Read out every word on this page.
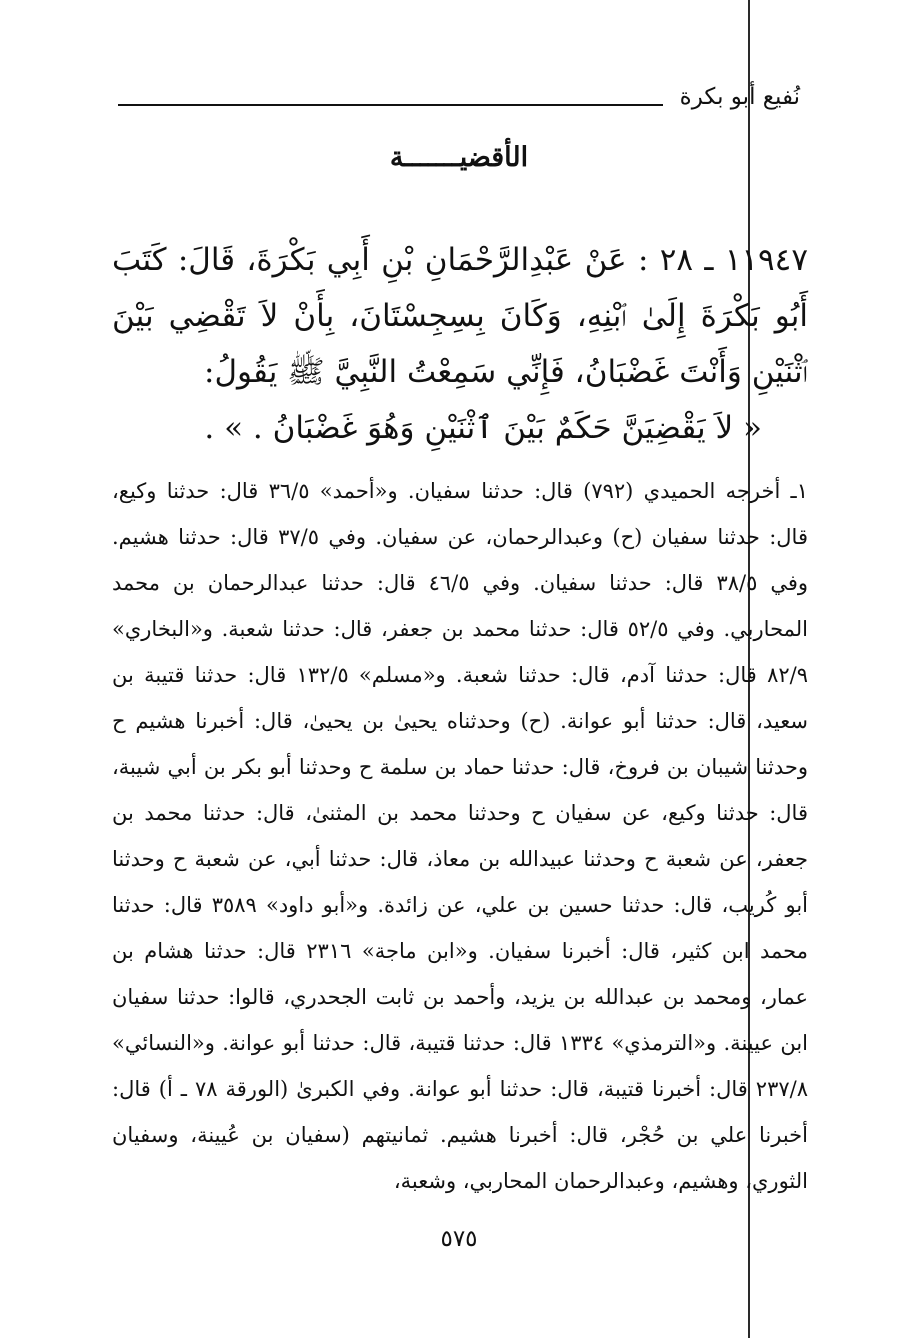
نُفيع أبو بكرة
الأقضيـــــــة

١١٩٤٧ ـ ٢٨ : عَنْ عَبْدِالرَّحْمَانِ بْنِ أَبِي بَكْرَةَ، قَالَ: كَتَبَ أَبُو بَكْرَةَ إِلَىٰ ٱبْنِهِ، وَكَانَ بِسِجِسْتَانَ، بِأَنْ لاَ تَقْضِي بَيْنَ ٱثْنَيْنِ وَأَنْتَ غَضْبَانُ، فَإِنِّي سَمِعْتُ النَّبِيَّ ﷺ يَقُولُ:

« لاَ يَقْضِيَنَّ حَكَمٌ بَيْنَ ٱثْنَيْنِ وَهُوَ غَضْبَانُ . » .

١ـ أخرجه الحميدي (٧٩٢) قال: حدثنا سفيان. و«أحمد» ٣٦/٥ قال: حدثنا وكيع، قال: حدثنا سفيان (ح) وعبدالرحمان، عن سفيان. وفي ٣٧/٥ قال: حدثنا هشيم. وفي ٣٨/٥ قال: حدثنا سفيان. وفي ٤٦/٥ قال: حدثنا عبدالرحمان بن محمد المحاربي. وفي ٥٢/٥ قال: حدثنا محمد بن جعفر، قال: حدثنا شعبة. و«البخاري» ٨٢/٩ قال: حدثنا آدم، قال: حدثنا شعبة. و«مسلم» ١٣٢/٥ قال: حدثنا قتيبة بن سعيد، قال: حدثنا أبو عوانة. (ح) وحدثناه يحيىٰ بن يحيىٰ، قال: أخبرنا هشيم ح وحدثنا شيبان بن فروخ، قال: حدثنا حماد بن سلمة ح وحدثنا أبو بكر بن أبي شيبة، قال: حدثنا وكيع، عن سفيان ح وحدثنا محمد بن المثنىٰ، قال: حدثنا محمد بن جعفر، عن شعبة ح وحدثنا عبيدالله بن معاذ، قال: حدثنا أبي، عن شعبة ح وحدثنا أبو كُريب، قال: حدثنا حسين بن علي، عن زائدة. و«أبو داود» ٣٥٨٩ قال: حدثنا محمد ابن كثير، قال: أخبرنا سفيان. و«ابن ماجة» ٢٣١٦ قال: حدثنا هشام بن عمار، ومحمد بن عبدالله بن يزيد، وأحمد بن ثابت الجحدري، قالوا: حدثنا سفيان ابن عيينة. و«الترمذي» ١٣٣٤ قال: حدثنا قتيبة، قال: حدثنا أبو عوانة. و«النسائي» ٢٣٧/٨ قال: أخبرنا قتيبة، قال: حدثنا أبو عوانة. وفي الكبرىٰ (الورقة ٧٨ ـ أ) قال: أخبرنا علي بن حُجْر، قال: أخبرنا هشيم. ثمانيتهم (سفيان بن عُيينة، وسفيان الثوري، وهشيم، وعبدالرحمان المحاربي، وشعبة،

٥٧٥
